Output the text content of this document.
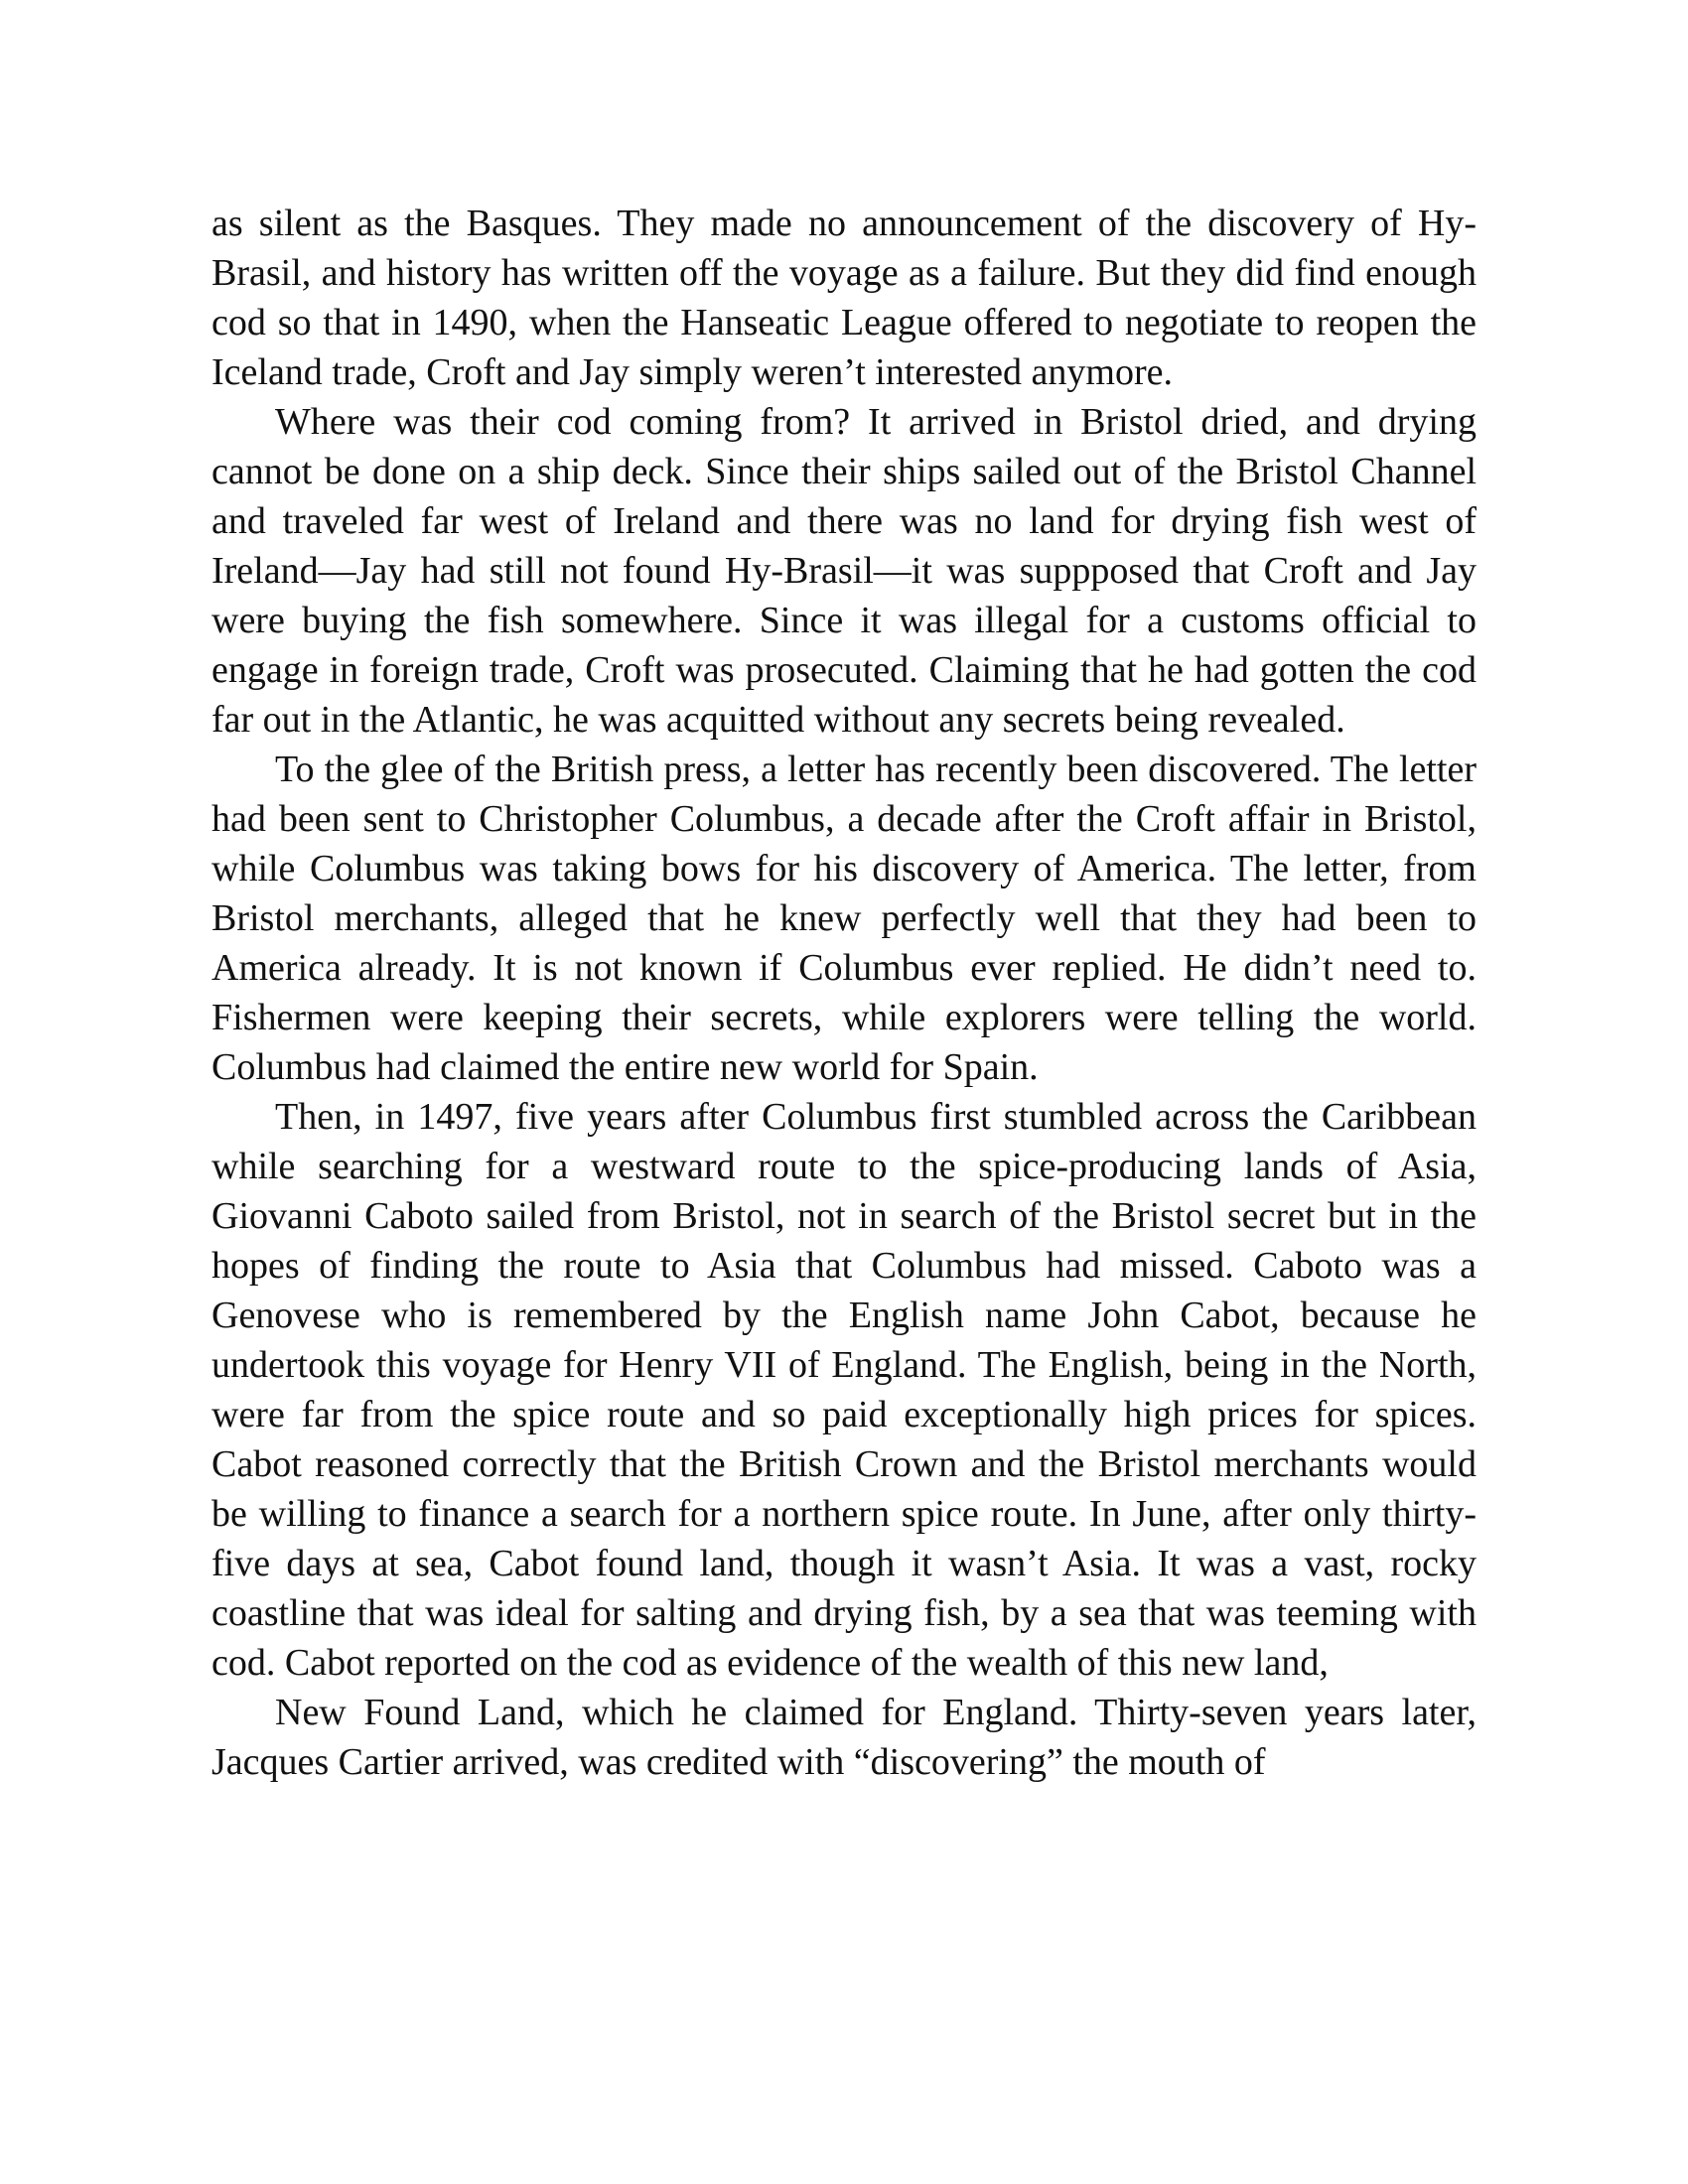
as silent as the Basques. They made no announcement of the discovery of Hy-Brasil, and history has written off the voyage as a failure. But they did find enough cod so that in 1490, when the Hanseatic League offered to negotiate to reopen the Iceland trade, Croft and Jay simply weren’t interested anymore.

Where was their cod coming from? It arrived in Bristol dried, and drying cannot be done on a ship deck. Since their ships sailed out of the Bristol Channel and traveled far west of Ireland and there was no land for drying fish west of Ireland—Jay had still not found Hy-Brasil—it was suppposed that Croft and Jay were buying the fish somewhere. Since it was illegal for a customs official to engage in foreign trade, Croft was prosecuted. Claiming that he had gotten the cod far out in the Atlantic, he was acquitted without any secrets being revealed.

To the glee of the British press, a letter has recently been discovered. The letter had been sent to Christopher Columbus, a decade after the Croft affair in Bristol, while Columbus was taking bows for his discovery of America. The letter, from Bristol merchants, alleged that he knew perfectly well that they had been to America already. It is not known if Columbus ever replied. He didn’t need to. Fishermen were keeping their secrets, while explorers were telling the world. Columbus had claimed the entire new world for Spain.

Then, in 1497, five years after Columbus first stumbled across the Caribbean while searching for a westward route to the spice-producing lands of Asia, Giovanni Caboto sailed from Bristol, not in search of the Bristol secret but in the hopes of finding the route to Asia that Columbus had missed. Caboto was a Genovese who is remembered by the English name John Cabot, because he undertook this voyage for Henry VII of England. The English, being in the North, were far from the spice route and so paid exceptionally high prices for spices. Cabot reasoned correctly that the British Crown and the Bristol merchants would be willing to finance a search for a northern spice route. In June, after only thirty-five days at sea, Cabot found land, though it wasn’t Asia. It was a vast, rocky coastline that was ideal for salting and drying fish, by a sea that was teeming with cod. Cabot reported on the cod as evidence of the wealth of this new land,

New Found Land, which he claimed for England. Thirty-seven years later, Jacques Cartier arrived, was credited with “discovering” the mouth of
